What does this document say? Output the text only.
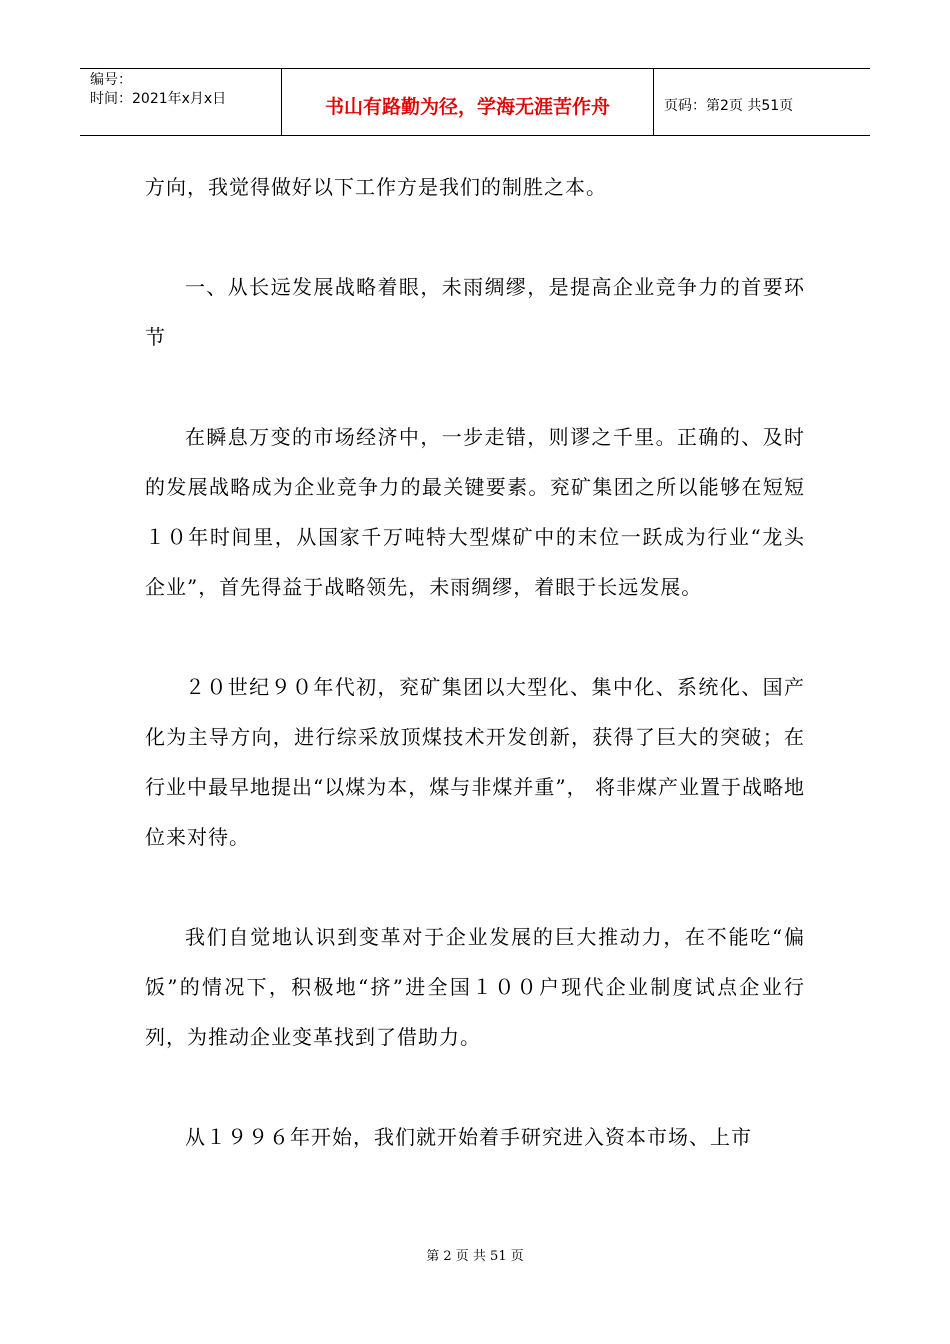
编号：
时间：2021年x月x日	书山有路勤为径，学海无涯苦作舟	页码：第2页 共51页

方向，我觉得做好以下工作方是我们的制胜之本。

一、从长远发展战略着眼，未雨绸缪，是提高企业竞争力的首要环节

在瞬息万变的市场经济中，一步走错，则谬之千里。正确的、及时的发展战略成为企业竞争力的最关键要素。兖矿集团之所以能够在短短１０年时间里，从国家千万吨特大型煤矿中的末位一跃成为行业“龙头企业”，首先得益于战略领先，未雨绸缪，着眼于长远发展。

２０世纪９０年代初，兖矿集团以大型化、集中化、系统化、国产化为主导方向，进行综采放顶煤技术开发创新，获得了巨大的突破；在行业中最早地提出“以煤为本，煤与非煤并重”， 将非煤产业置于战略地位来对待。

我们自觉地认识到变革对于企业发展的巨大推动力，在不能吃“偏饭”的情况下，积极地“挤”进全国１００户现代企业制度试点企业行列，为推动企业变革找到了借助力。

从１９９６年开始，我们就开始着手研究进入资本市场、上市

第 2 页 共 51 页
